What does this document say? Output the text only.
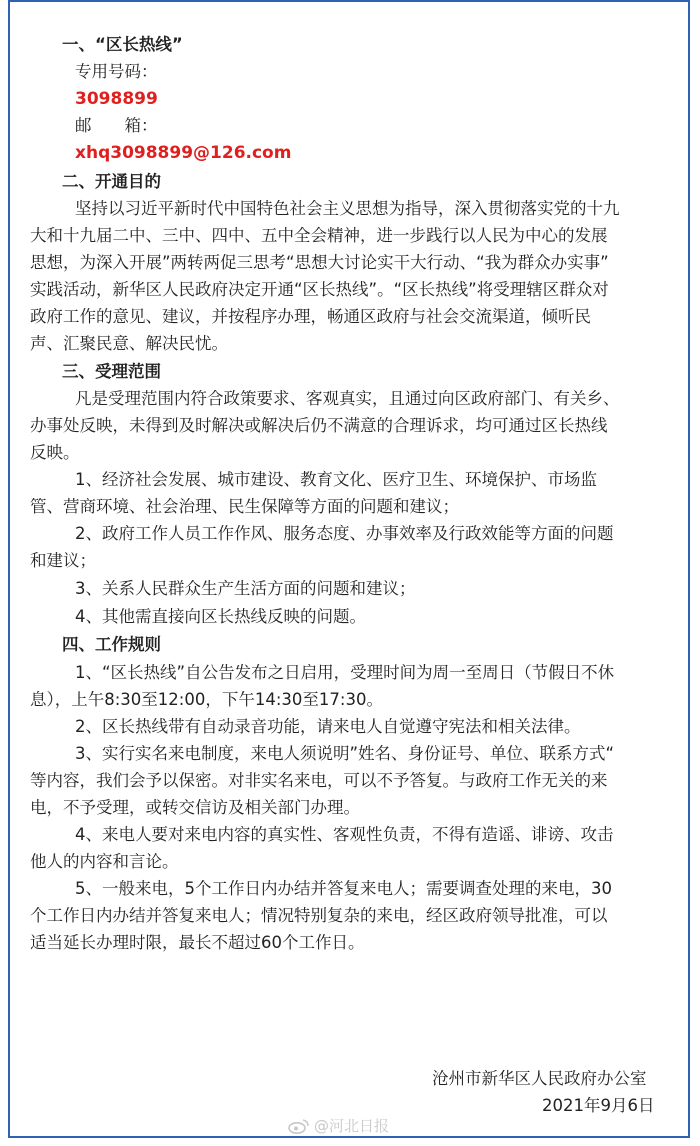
一、“区长热线”
专用号码：
3098899
邮　　箱：
xhq3098899@126.com
二、开通目的
坚持以习近平新时代中国特色社会主义思想为指导，深入贯彻落实党的十九
大和十九届二中、三中、四中、五中全会精神，进一步践行以人民为中心的发展
思想，为深入开展”两转两促三思考“思想大讨论实干大行动、“我为群众办实事”
实践活动，新华区人民政府决定开通“区长热线”。“区长热线”将受理辖区群众对
政府工作的意见、建议，并按程序办理，畅通区政府与社会交流渠道，倾听民
声、汇聚民意、解决民忧。
三、受理范围
凡是受理范围内符合政策要求、客观真实，且通过向区政府部门、有关乡、
办事处反映，未得到及时解决或解决后仍不满意的合理诉求，均可通过区长热线
反映。
1、经济社会发展、城市建设、教育文化、医疗卫生、环境保护、市场监
管、营商环境、社会治理、民生保障等方面的问题和建议；
2、政府工作人员工作作风、服务态度、办事效率及行政效能等方面的问题
和建议；
3、关系人民群众生产生活方面的问题和建议；
4、其他需直接向区长热线反映的问题。
四、工作规则
1、“区长热线”自公告发布之日启用，受理时间为周一至周日（节假日不休
息），上午8:30至12:00，下午14:30至17:30。
2、区长热线带有自动录音功能，请来电人自觉遵守宪法和相关法律。
3、实行实名来电制度，来电人须说明”姓名、身份证号、单位、联系方式“
等内容，我们会予以保密。对非实名来电，可以不予答复。与政府工作无关的来
电，不予受理，或转交信访及相关部门办理。
4、来电人要对来电内容的真实性、客观性负责，不得有造谣、诽谤、攻击
他人的内容和言论。
5、一般来电，5个工作日内办结并答复来电人；需要调查处理的来电，30
个工作日内办结并答复来电人；情况特别复杂的来电，经区政府领导批准，可以
适当延长办理时限，最长不超过60个工作日。
沧州市新华区人民政府办公室
2021年9月6日
@河北日报
